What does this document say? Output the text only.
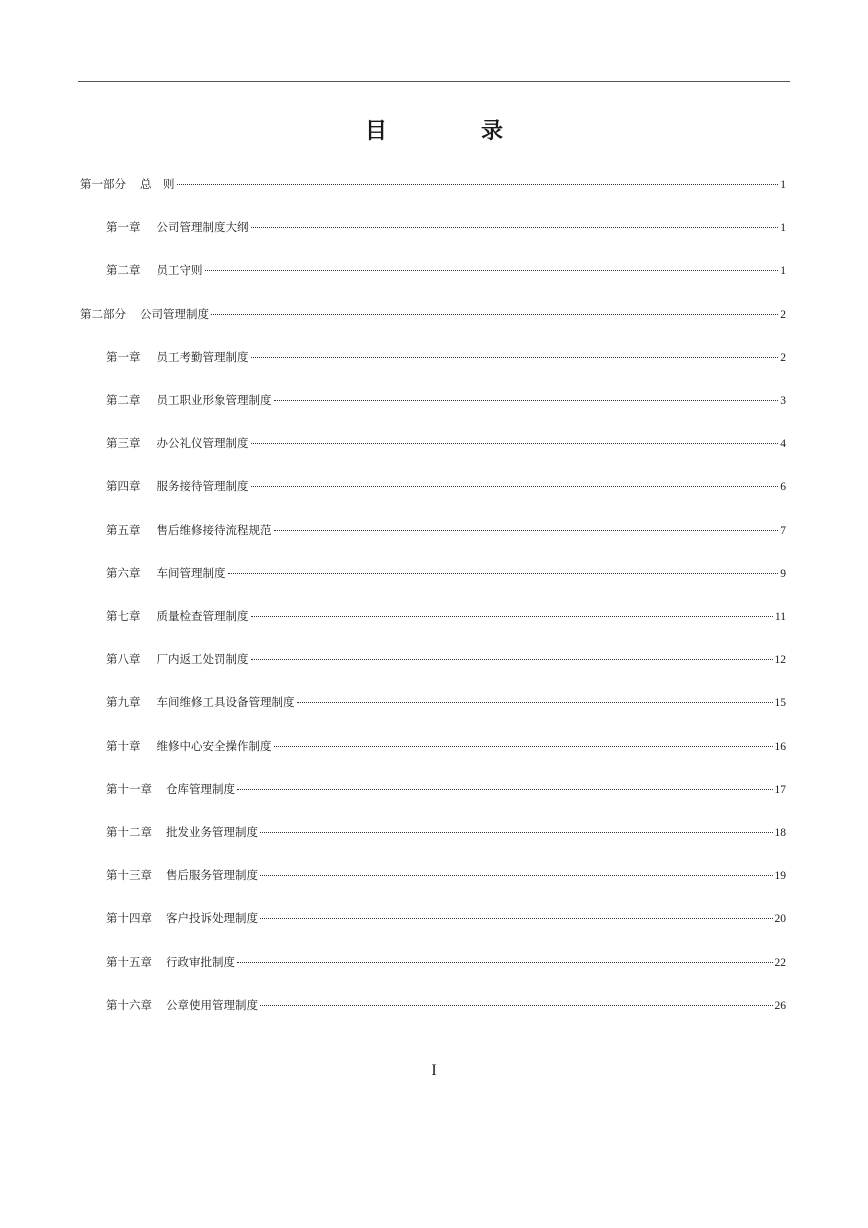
目　录
第一部分 总　则	1
第一章 公司管理制度大纲	1
第二章 员工守则	1
第二部分 公司管理制度	2
第一章 员工考勤管理制度	2
第二章 员工职业形象管理制度	3
第三章 办公礼仪管理制度	4
第四章 服务接待管理制度	6
第五章 售后维修接待流程规范	7
第六章 车间管理制度	9
第七章 质量检查管理制度	11
第八章 厂内返工处罚制度	12
第九章 车间维修工具设备管理制度	15
第十章 维修中心安全操作制度	16
第十一章 仓库管理制度	17
第十二章 批发业务管理制度	18
第十三章 售后服务管理制度	19
第十四章 客户投诉处理制度	20
第十五章 行政审批制度	22
第十六章 公章使用管理制度	26
I
